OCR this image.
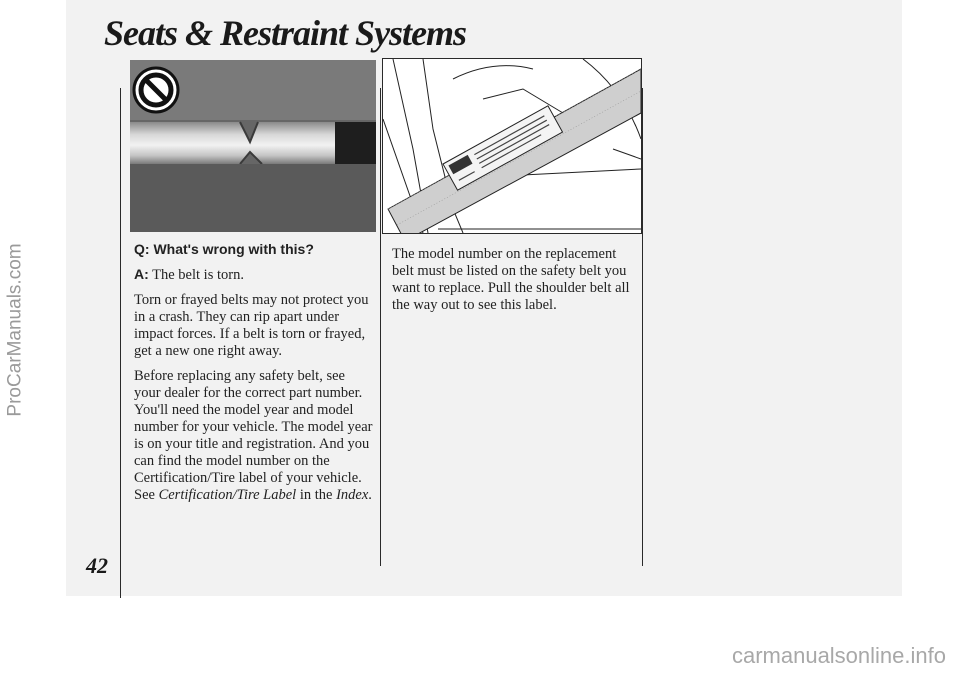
Seats & Restraint Systems
42

Q: What's wrong with this?

A: The belt is torn.

Torn or frayed belts may not protect you in a crash. They can rip apart under impact forces. If a belt is torn or frayed, get a new one right away.

Before replacing any safety belt, see your dealer for the correct part number. You'll need the model year and model number for your vehicle. The model year is on your title and registration. And you can find the model number on the Certification/Tire label of your vehicle. See Certification/Tire Label in the Index.

The model number on the replacement belt must be listed on the safety belt you want to replace. Pull the shoulder belt all the way out to see this label.

ProCarManuals.com
carmanualsonline.info
